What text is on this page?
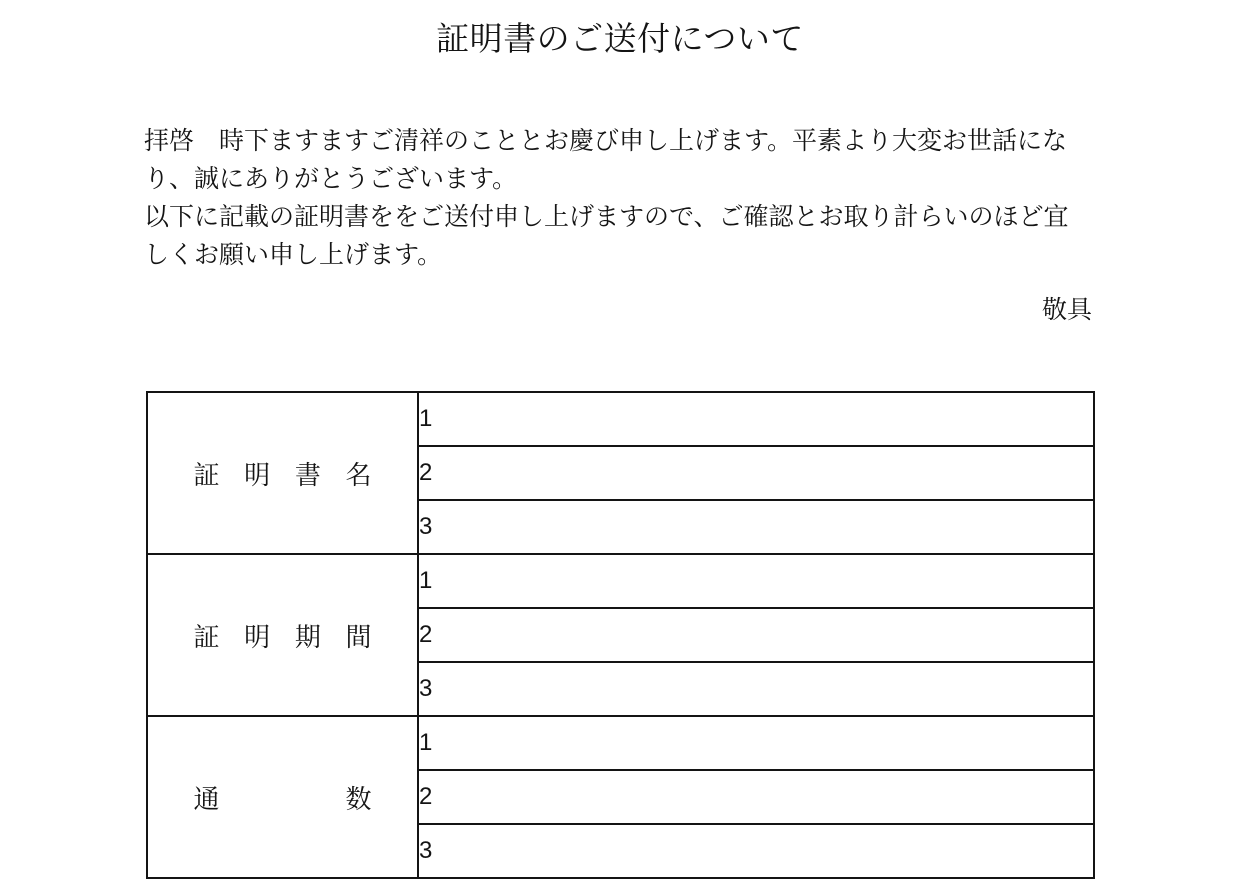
証明書のご送付について
拝啓　時下ますますご清祥のこととお慶び申し上げます。平素より大変お世話にな
り、誠にありがとうございます。
以下に記載の証明書ををご送付申し上げますので、ご確認とお取り計らいのほど宜
しくお願い申し上げます。
敬具
証 明 書 名	1
	2
	3

証 明 期 間	1
	2
	3

通 数	1
	2
	3
